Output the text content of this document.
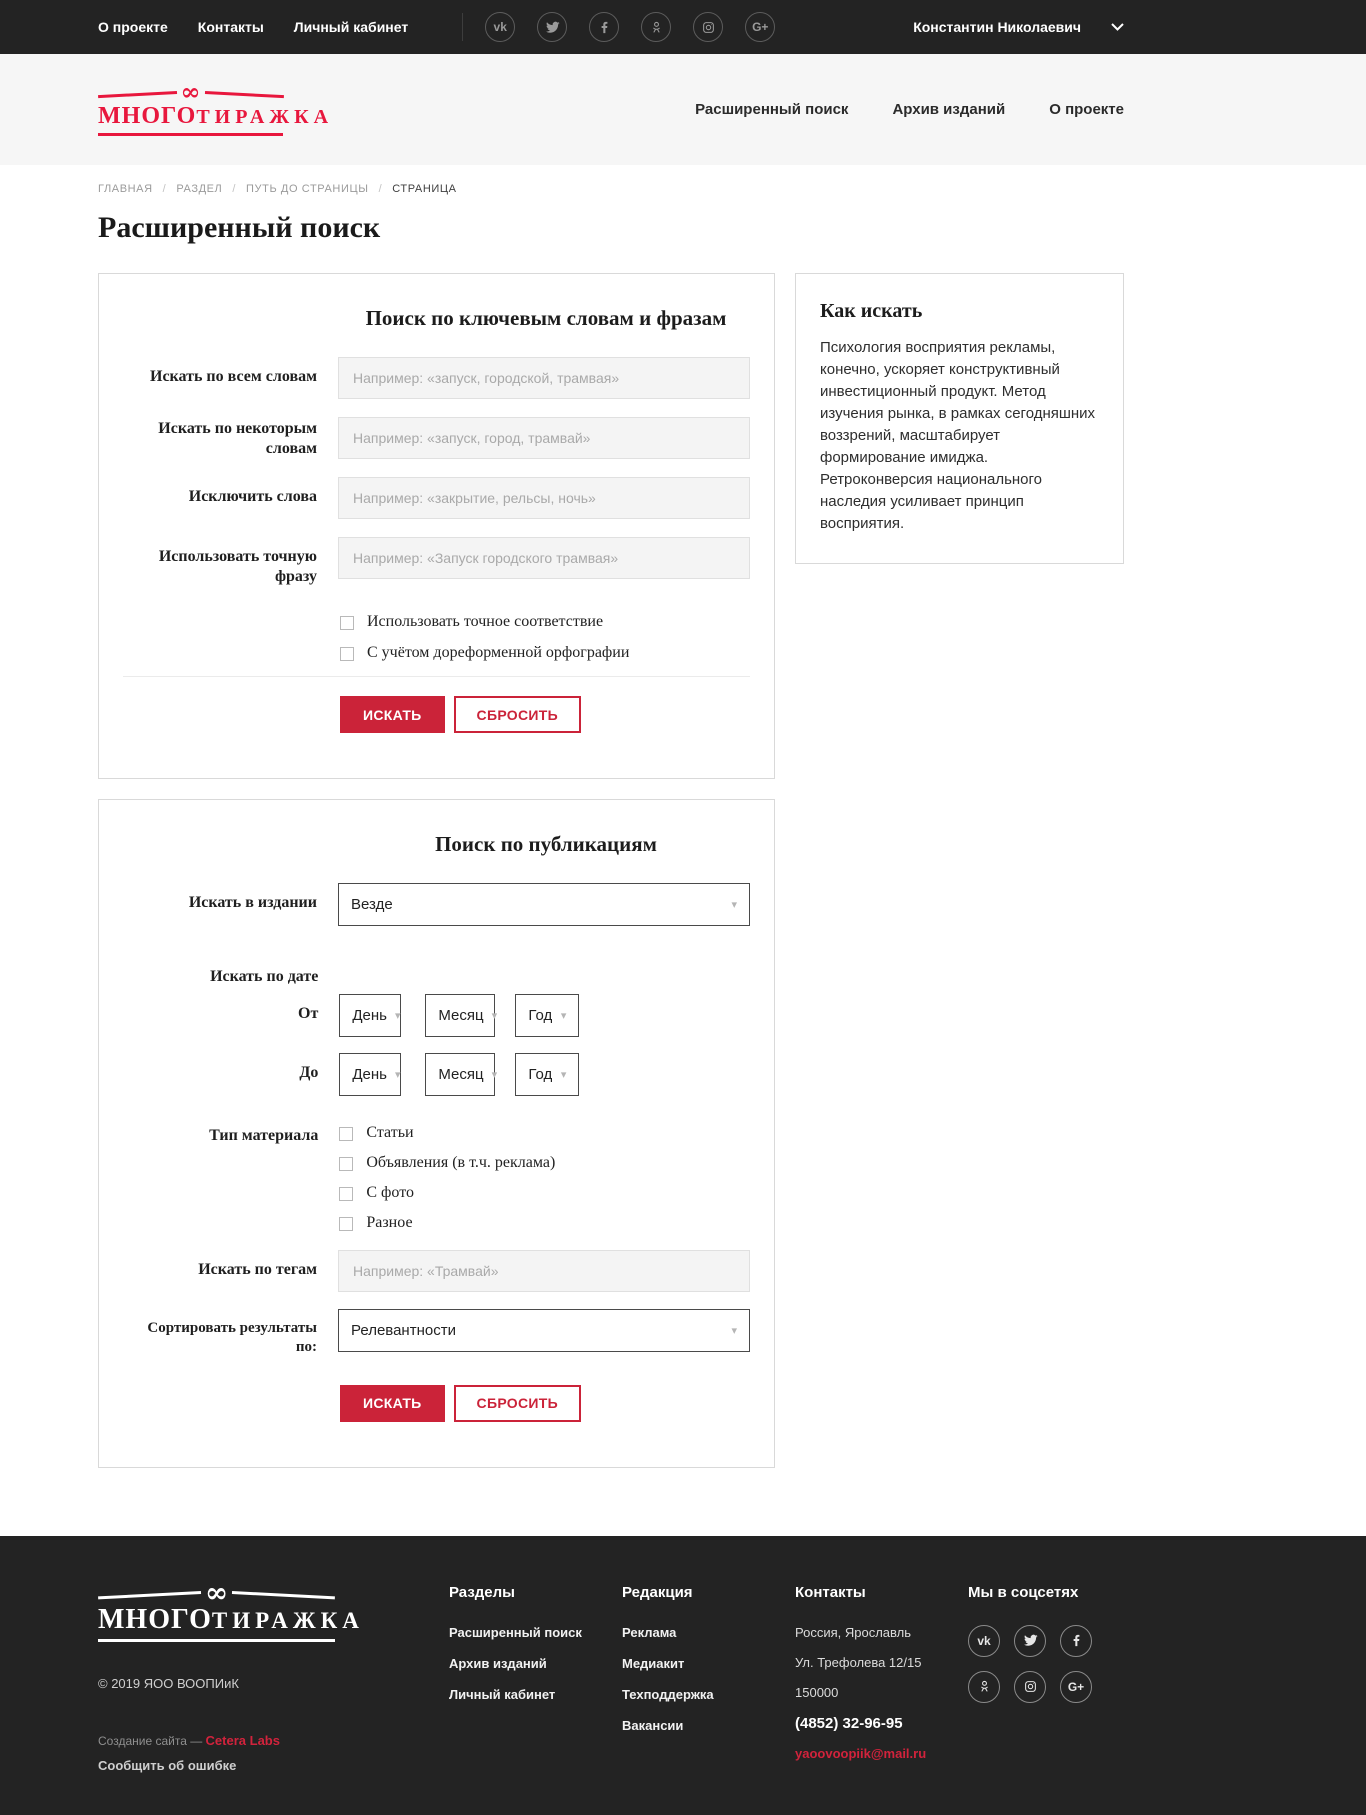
О проекте Контакты Личный кабинет	vk	G+	Константин Николаевич
∞
МНОГОТИРАЖКА	Расширенный поиск	Архив изданий	О проекте
ГЛАВНАЯ / РАЗДЕЛ / ПУТЬ ДО СТРАНИЦЫ / СТРАНИЦА
Расширенный поиск
Поиск по ключевым словам и фразам
Искать по всем словам
Например: «запуск, городской, трамвая»
Искать по некоторым словам
Например: «запуск, город, трамвай»
Исключить слова
Например: «закрытие, рельсы, ночь»
Использовать точную фразу
Например: «Запуск городского трамвая»
Использовать точное соответствие
С учётом дореформенной орфографии
ИСКАТЬ	СБРОСИТЬ
Как искать

Психология восприятия рекламы, конечно, ускоряет конструктивный инвестиционный продукт. Метод изучения рынка, в рамках сегодняшних воззрений, масштабирует формирование имиджа. Ретроконверсия национального наследия усиливает принцип восприятия.

Поиск по публикациям
Искать в издании Везде	▾
Искать по дате
От День ▾	Месяц ▾ Год ▾
До День ▾	Месяц ▾ Год ▾
Тип материала	Статьи
Объявления (в т.ч. реклама)
С фото
Разное
Искать по тегам
Например: «Трамвай»
Сортировать результаты по:
Релевантности	▾
ИСКАТЬ	СБРОСИТЬ
∞
МНОГОТИРАЖКА
© 2019 ЯОО ВООПИиК
Создание сайта — Cetera Labs
Сообщить об ошибке
Разделы
Расширенный поиск
Архив изданий
Личный кабинет
Редакция
Реклама
Медиакит
Техподдержка
Вакансии
Контакты
Россия, Ярославль
Ул. Трефолева 12/15
150000
(4852) 32-96-95
yaoovoopiik@mail.ru
Мы в соцсетях
vk
G+
